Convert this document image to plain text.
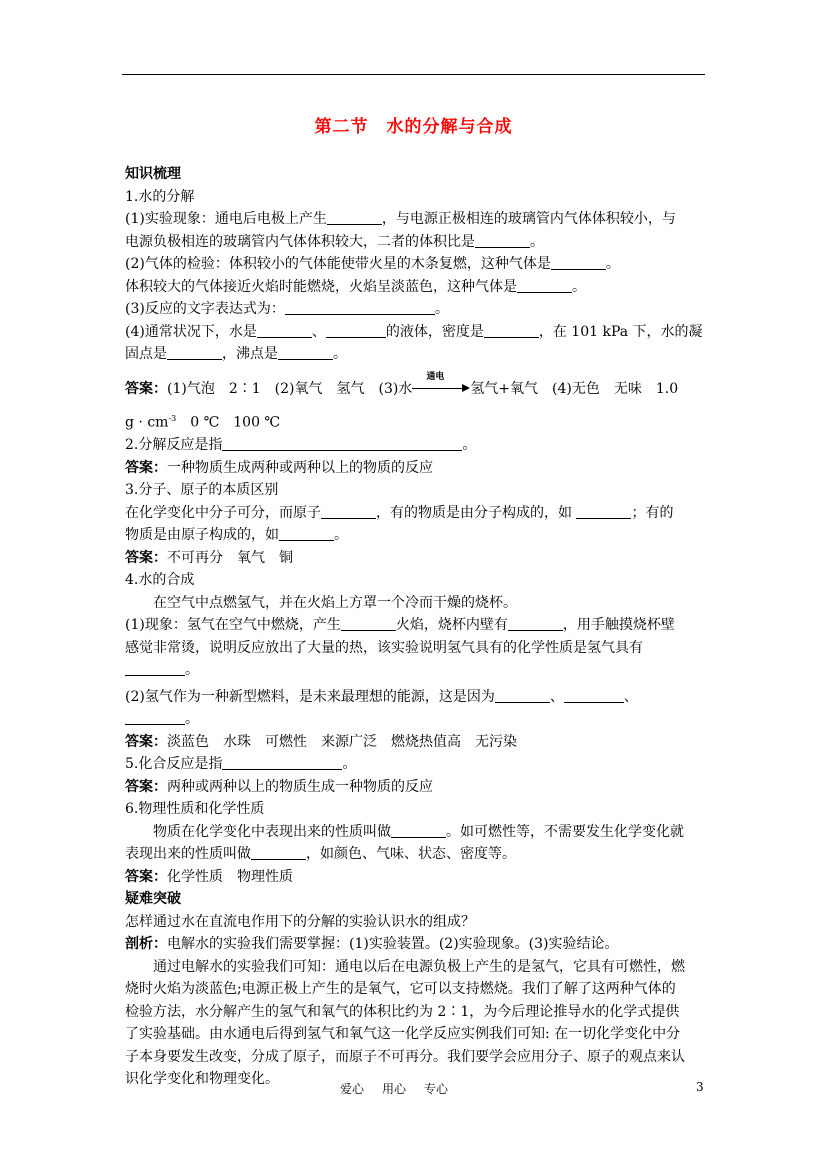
第二节　水的分解与合成

知识梳理

1.水的分解

(1)实验现象：通电后电极上产生	，与电源正极相连的玻璃管内气体体积较小，与

电源负极相连的玻璃管内气体体积较大，二者的体积比是	。

(2)气体的检验：体积较小的气体能使带火星的木条复燃，这种气体是	。

体积较大的气体接近火焰时能燃烧，火焰呈淡蓝色，这种气体是	。

(3)反应的文字表达式为：	。

(4)通常状况下，水是	、	的液体，密度是	，在 101 kPa 下，水的凝

固点是	，沸点是	。

答案：(1)气泡　2∶1　(2)氧气　氢气　(3)水
通电
氢气+氧气　(4)无色　无味　1.0

$g \cdot cm^{-3}$　0 ℃　100 ℃

2.分解反应是指	。

答案：一种物质生成两种或两种以上的物质的反应

3.分子、原子的本质区别

在化学变化中分子可分，而原子	，有的物质是由分子构成的，如	；有的

物质是由原子构成的，如	。

答案：不可再分　氧气　铜

4.水的合成

在空气中点燃氢气，并在火焰上方罩一个冷而干燥的烧杯。

(1)现象：氢气在空气中燃烧，产生	火焰，烧杯内壁有	，用手触摸烧杯壁

感觉非常烫，说明反应放出了大量的热，该实验说明氢气具有的化学性质是氢气具有

。

(2)氢气作为一种新型燃料，是未来最理想的能源，这是因为	、	、

。

答案：淡蓝色　水珠　可燃性　来源广泛　燃烧热值高　无污染

5.化合反应是指	。

答案：两种或两种以上的物质生成一种物质的反应

6.物理性质和化学性质

物质在化学变化中表现出来的性质叫做	。如可燃性等，不需要发生化学变化就

表现出来的性质叫做	，如颜色、气味、状态、密度等。

答案：化学性质　物理性质

疑难突破

怎样通过水在直流电作用下的分解的实验认识水的组成？

剖析：电解水的实验我们需要掌握：(1)实验装置。(2)实验现象。(3)实验结论。

通过电解水的实验我们可知：通电以后在电源负极上产生的是氢气，它具有可燃性，燃

烧时火焰为淡蓝色;电源正极上产生的是氧气，它可以支持燃烧。我们了解了这两种气体的

检验方法，水分解产生的氢气和氧气的体积比约为 2∶1，为今后理论推导水的化学式提供

了实验基础。由水通电后得到氢气和氧气这一化学反应实例我们可知: 在一切化学变化中分

子本身要发生改变，分成了原子，而原子不可再分。我们要学会应用分子、原子的观点来认

识化学变化和物理变化。

爱心 用心 专心	3
